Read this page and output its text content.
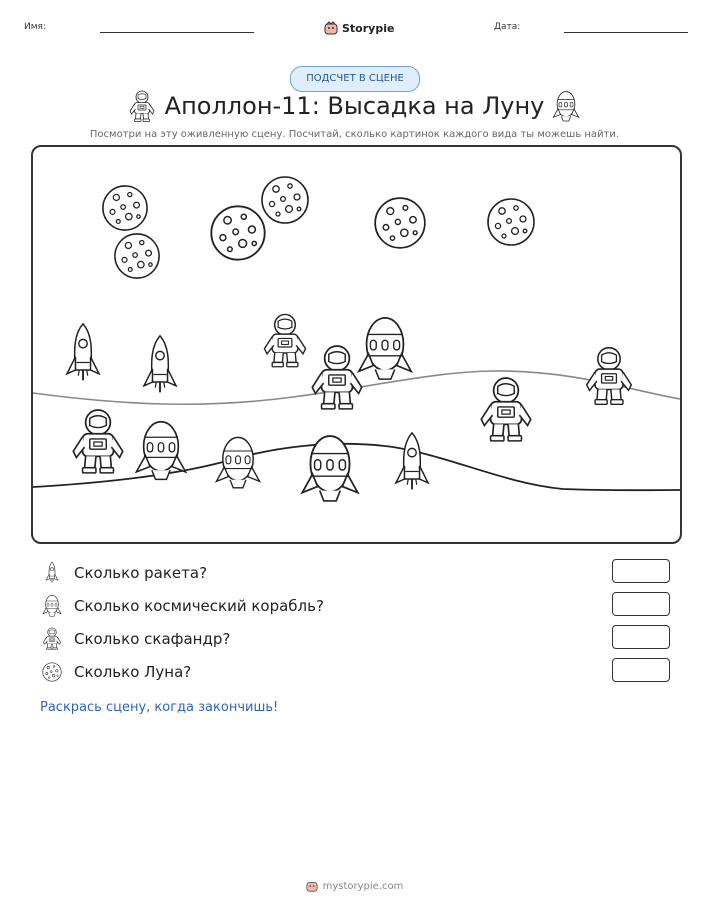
Имя:	Storypie	Дата:
ПОДСЧЕТ В СЦЕНЕ
Аполлон-11: Высадка на Луну
Посмотри на эту оживленную сцену. Посчитай, сколько картинок каждого вида ты можешь найти.
Сколько ракета?
Сколько космический корабль?
Сколько скафандр?
Сколько Луна?
Раскрась сцену, когда закончишь!
mystorypie.com
